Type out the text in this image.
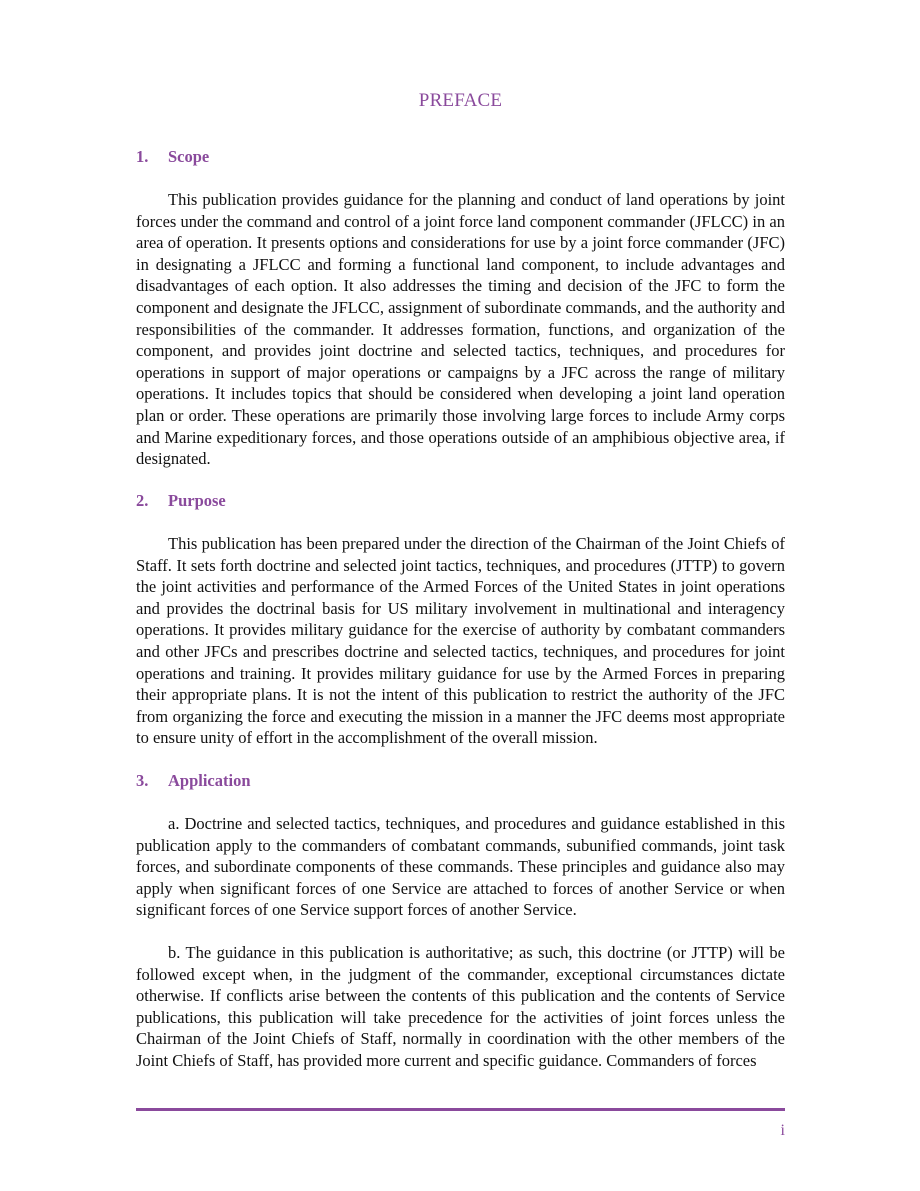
PREFACE
1. Scope

This publication provides guidance for the planning and conduct of land operations by joint forces under the command and control of a joint force land component commander (JFLCC) in an area of operation. It presents options and considerations for use by a joint force commander (JFC) in designating a JFLCC and forming a functional land component, to include advantages and disadvantages of each option. It also addresses the timing and decision of the JFC to form the component and designate the JFLCC, assignment of subordinate commands, and the authority and responsibilities of the commander. It addresses formation, functions, and organization of the component, and provides joint doctrine and selected tactics, techniques, and procedures for operations in support of major operations or campaigns by a JFC across the range of military operations. It includes topics that should be considered when developing a joint land operation plan or order. These operations are primarily those involving large forces to include Army corps and Marine expeditionary forces, and those operations outside of an amphibious objective area, if designated.

2. Purpose

This publication has been prepared under the direction of the Chairman of the Joint Chiefs of Staff. It sets forth doctrine and selected joint tactics, techniques, and procedures (JTTP) to govern the joint activities and performance of the Armed Forces of the United States in joint operations and provides the doctrinal basis for US military involvement in multinational and interagency operations. It provides military guidance for the exercise of authority by combatant commanders and other JFCs and prescribes doctrine and selected tactics, techniques, and procedures for joint operations and training. It provides military guidance for use by the Armed Forces in preparing their appropriate plans. It is not the intent of this publication to restrict the authority of the JFC from organizing the force and executing the mission in a manner the JFC deems most appropriate to ensure unity of effort in the accomplishment of the overall mission.

3. Application

a. Doctrine and selected tactics, techniques, and procedures and guidance established in this publication apply to the commanders of combatant commands, subunified commands, joint task forces, and subordinate components of these commands. These principles and guidance also may apply when significant forces of one Service are attached to forces of another Service or when significant forces of one Service support forces of another Service.

b. The guidance in this publication is authoritative; as such, this doctrine (or JTTP) will be followed except when, in the judgment of the commander, exceptional circumstances dictate otherwise. If conflicts arise between the contents of this publication and the contents of Service publications, this publication will take precedence for the activities of joint forces unless the Chairman of the Joint Chiefs of Staff, normally in coordination with the other members of the Joint Chiefs of Staff, has provided more current and specific guidance. Commanders of forces

i
